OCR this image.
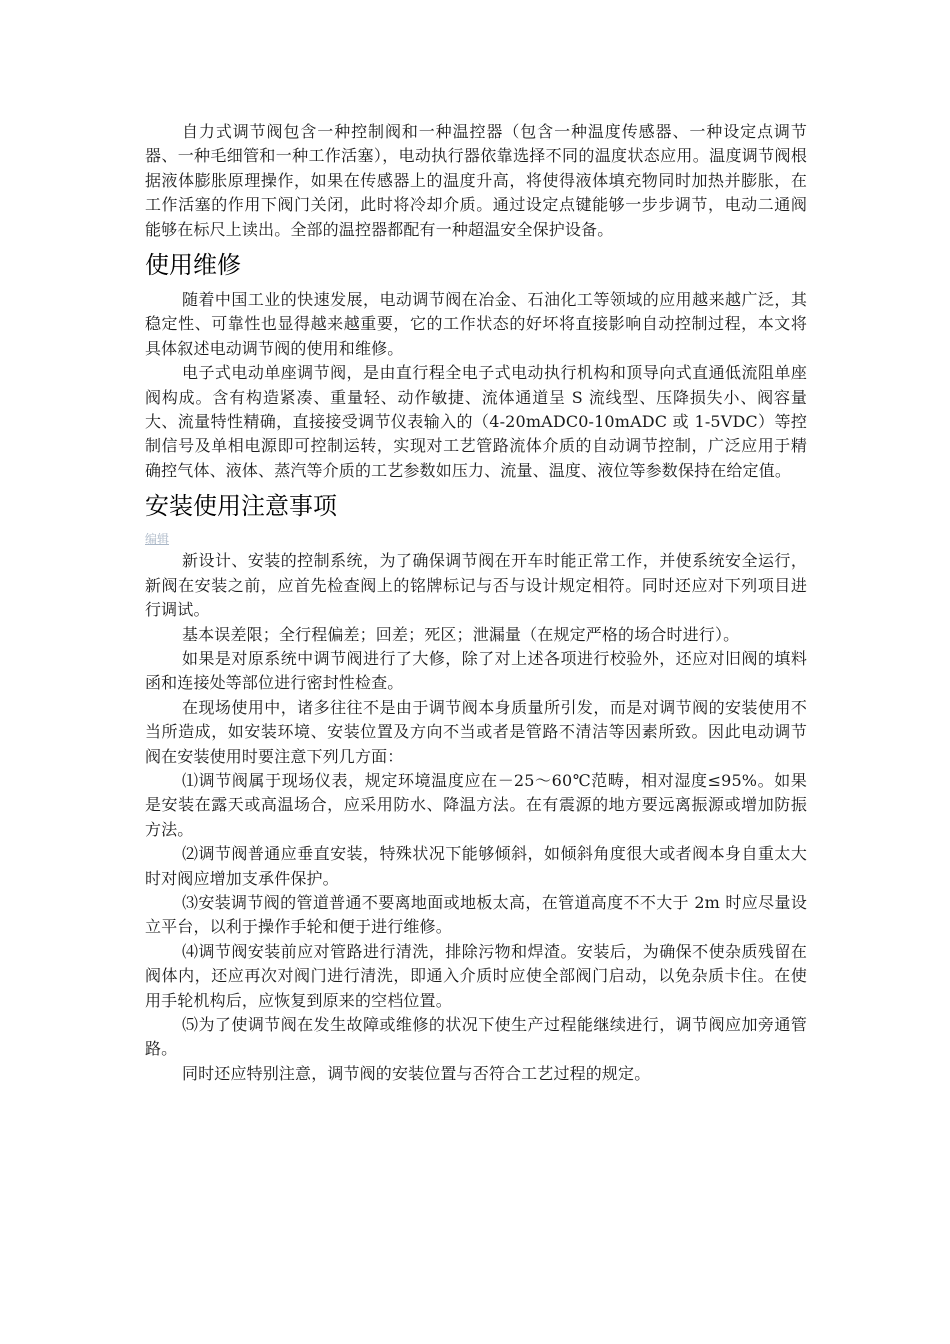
自力式调节阀包含一种控制阀和一种温控器（包含一种温度传感器、一种设定点调节器、一种毛细管和一种工作活塞），电动执行器依靠选择不同的温度状态应用。温度调节阀根据液体膨胀原理操作，如果在传感器上的温度升高，将使得液体填充物同时加热并膨胀，在工作活塞的作用下阀门关闭，此时将冷却介质。通过设定点键能够一步步调节，电动二通阀能够在标尺上读出。全部的温控器都配有一种超温安全保护设备。

使用维修

随着中国工业的快速发展，电动调节阀在冶金、石油化工等领域的应用越来越广泛，其稳定性、可靠性也显得越来越重要，它的工作状态的好坏将直接影响自动控制过程，本文将具体叙述电动调节阀的使用和维修。

电子式电动单座调节阀，是由直行程全电子式电动执行机构和顶导向式直通低流阻单座阀构成。含有构造紧凑、重量轻、动作敏捷、流体通道呈 S 流线型、压降损失小、阀容量大、流量特性精确，直接接受调节仪表输入的（4-20mADC0-10mADC 或 1-5VDC）等控制信号及单相电源即可控制运转，实现对工艺管路流体介质的自动调节控制，广泛应用于精确控气体、液体、蒸汽等介质的工艺参数如压力、流量、温度、液位等参数保持在给定值。

安装使用注意事项
编辑

新设计、安装的控制系统，为了确保调节阀在开车时能正常工作，并使系统安全运行，新阀在安装之前，应首先检查阀上的铭牌标记与否与设计规定相符。同时还应对下列项目进行调试。

基本误差限；全行程偏差；回差；死区；泄漏量（在规定严格的场合时进行）。

如果是对原系统中调节阀进行了大修，除了对上述各项进行校验外，还应对旧阀的填料函和连接处等部位进行密封性检查。

在现场使用中，诸多往往不是由于调节阀本身质量所引发，而是对调节阀的安装使用不当所造成，如安装环境、安装位置及方向不当或者是管路不清洁等因素所致。因此电动调节阀在安装使用时要注意下列几方面：

⑴调节阀属于现场仪表，规定环境温度应在－25～60℃范畴，相对湿度≤95%。如果是安装在露天或高温场合，应采用防水、降温方法。在有震源的地方要远离振源或增加防振方法。

⑵调节阀普通应垂直安装，特殊状况下能够倾斜，如倾斜角度很大或者阀本身自重太大时对阀应增加支承件保护。

⑶安装调节阀的管道普通不要离地面或地板太高，在管道高度不不大于 2m 时应尽量设立平台，以利于操作手轮和便于进行维修。

⑷调节阀安装前应对管路进行清洗，排除污物和焊渣。安装后，为确保不使杂质残留在阀体内，还应再次对阀门进行清洗，即通入介质时应使全部阀门启动，以免杂质卡住。在使用手轮机构后，应恢复到原来的空档位置。

⑸为了使调节阀在发生故障或维修的状况下使生产过程能继续进行，调节阀应加旁通管路。

同时还应特别注意，调节阀的安装位置与否符合工艺过程的规定。
